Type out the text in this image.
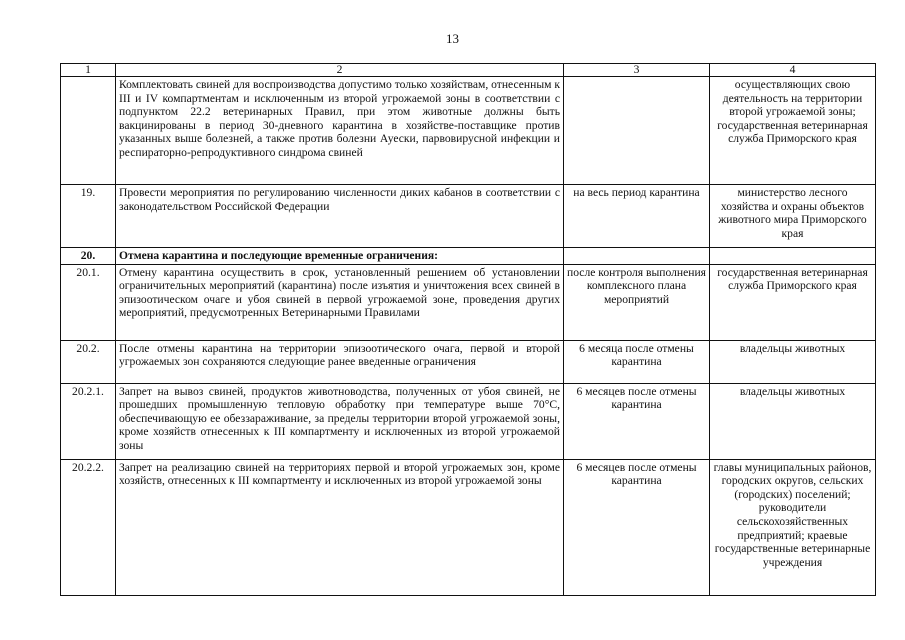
13
1	2	3	4
	Комплектовать свиней для воспроизводства допустимо только хозяйствам, отнесенным к III и IV компартментам и исключенным из второй угрожаемой зоны в соответствии с подпунктом 22.2 ветеринарных Правил, при этом животные должны быть вакцинированы в период 30-дневного карантина в хозяйстве-поставщике против указанных выше болезней, а также против болезни Ауески, парвовирусной инфекции и респираторно-репродуктивного синдрома свиней		осуществляющих свою деятельность на территории второй угрожаемой зоны; государственная ветеринарная служба Приморского края
19.	Провести мероприятия по регулированию численности диких кабанов в соответствии с законодательством Российской Федерации	на весь период карантина	министерство лесного хозяйства и охраны объектов животного мира Приморского края
20.	Отмена карантина и последующие временные ограничения:		
20.1.	Отмену карантина осуществить в срок, установленный решением об установлении ограничительных мероприятий (карантина) после изъятия и уничтожения всех свиней в эпизоотическом очаге и убоя свиней в первой угрожаемой зоне, проведения других мероприятий, предусмотренных Ветеринарными Правилами	после контроля выполнения комплексного плана мероприятий	государственная ветеринарная служба Приморского края
20.2.	После отмены карантина на территории эпизоотического очага, первой и второй угрожаемых зон сохраняются следующие ранее введенные ограничения	6 месяца после отмены карантина	владельцы животных
20.2.1.	Запрет на вывоз свиней, продуктов животноводства, полученных от убоя свиней, не прошедших промышленную тепловую обработку при температуре выше 70°С, обеспечивающую ее обеззараживание, за пределы территории второй угрожаемой зоны, кроме хозяйств отнесенных к III компартменту и исключенных из второй угрожаемой зоны	6 месяцев после отмены карантина	владельцы животных
20.2.2.	Запрет на реализацию свиней на территориях первой и второй угрожаемых зон, кроме хозяйств, отнесенных к III компартменту и исключенных из второй угрожаемой зоны	6 месяцев после отмены карантина	главы муниципальных районов, городских округов, сельских (городских) поселений; руководители сельскохозяйственных предприятий; краевые государственные ветеринарные учреждения
